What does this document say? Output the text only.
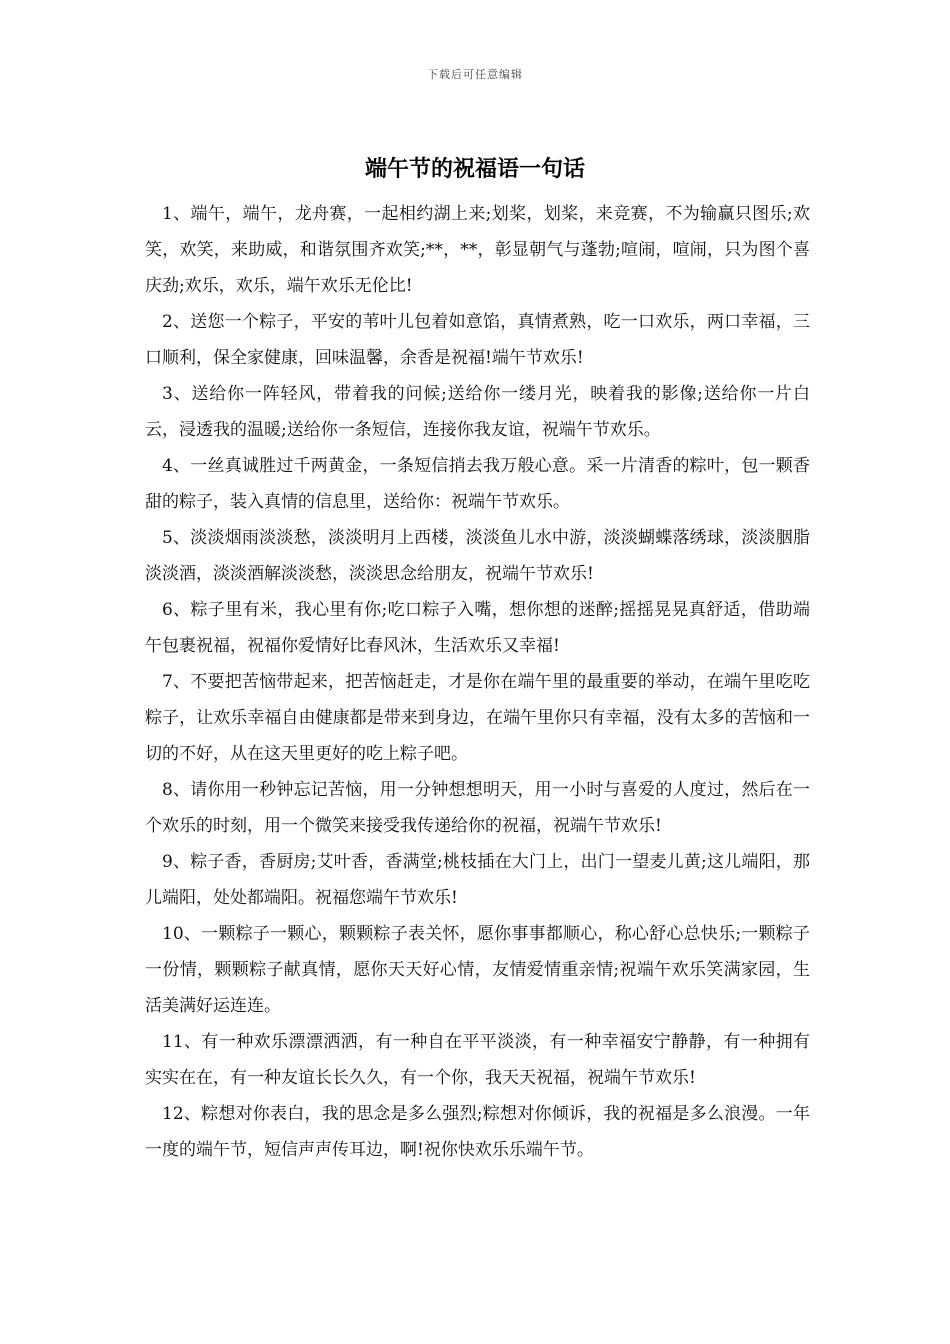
下载后可任意编辑
端午节的祝福语一句话

1、端午，端午，龙舟赛，一起相约湖上来;划桨，划桨，来竞赛，不为输赢只图乐;欢笑，欢笑，来助威，和谐氛围齐欢笑;**，**，彰显朝气与蓬勃;喧闹，喧闹，只为图个喜庆劲;欢乐，欢乐，端午欢乐无伦比!

2、送您一个粽子，平安的苇叶儿包着如意馅，真情煮熟，吃一口欢乐，两口幸福，三口顺利，保全家健康，回味温馨，余香是祝福!端午节欢乐!

3、送给你一阵轻风，带着我的问候;送给你一缕月光，映着我的影像;送给你一片白云，浸透我的温暖;送给你一条短信，连接你我友谊，祝端午节欢乐。

4、一丝真诚胜过千两黄金，一条短信捎去我万般心意。采一片清香的粽叶，包一颗香甜的粽子，装入真情的信息里，送给你：祝端午节欢乐。

5、淡淡烟雨淡淡愁，淡淡明月上西楼，淡淡鱼儿水中游，淡淡蝴蝶落绣球，淡淡胭脂淡淡酒，淡淡酒解淡淡愁，淡淡思念给朋友，祝端午节欢乐!

6、粽子里有米，我心里有你;吃口粽子入嘴，想你想的迷醉;摇摇晃晃真舒适，借助端午包裹祝福，祝福你爱情好比春风沐，生活欢乐又幸福!

7、不要把苦恼带起来，把苦恼赶走，才是你在端午里的最重要的举动，在端午里吃吃粽子，让欢乐幸福自由健康都是带来到身边，在端午里你只有幸福，没有太多的苦恼和一切的不好，从在这天里更好的吃上粽子吧。

8、请你用一秒钟忘记苦恼，用一分钟想想明天，用一小时与喜爱的人度过，然后在一个欢乐的时刻，用一个微笑来接受我传递给你的祝福，祝端午节欢乐!

9、粽子香，香厨房;艾叶香，香满堂;桃枝插在大门上，出门一望麦儿黄;这儿端阳，那儿端阳，处处都端阳。祝福您端午节欢乐!

10、一颗粽子一颗心，颗颗粽子表关怀，愿你事事都顺心，称心舒心总快乐;一颗粽子一份情，颗颗粽子献真情，愿你天天好心情，友情爱情重亲情;祝端午欢乐笑满家园，生活美满好运连连。

11、有一种欢乐漂漂洒洒，有一种自在平平淡淡，有一种幸福安宁静静，有一种拥有实实在在，有一种友谊长长久久，有一个你，我天天祝福，祝端午节欢乐!

12、粽想对你表白，我的思念是多么强烈;粽想对你倾诉，我的祝福是多么浪漫。一年一度的端午节，短信声声传耳边，啊!祝你快欢乐乐端午节。
